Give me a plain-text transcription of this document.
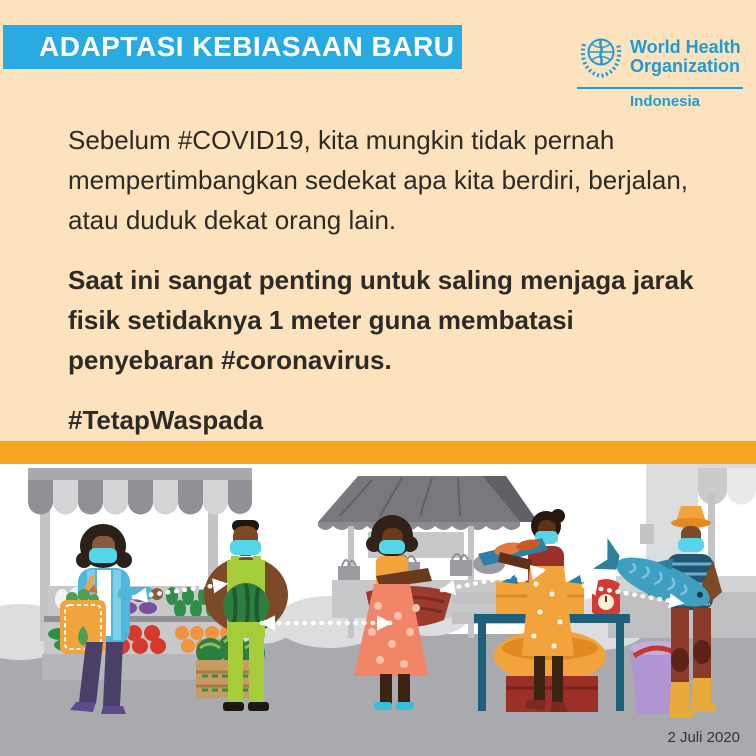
ADAPTASI KEBIASAAN BARU	World Health
Organization
Indonesia

Sebelum #COVID19, kita mungkin tidak pernah mempertimbangkan sedekat apa kita berdiri, berjalan, atau duduk dekat orang lain.

Saat ini sangat penting untuk saling menjaga jarak fisik setidaknya 1 meter guna membatasi penyebaran #coronavirus.

#TetapWaspada

2 Juli 2020
